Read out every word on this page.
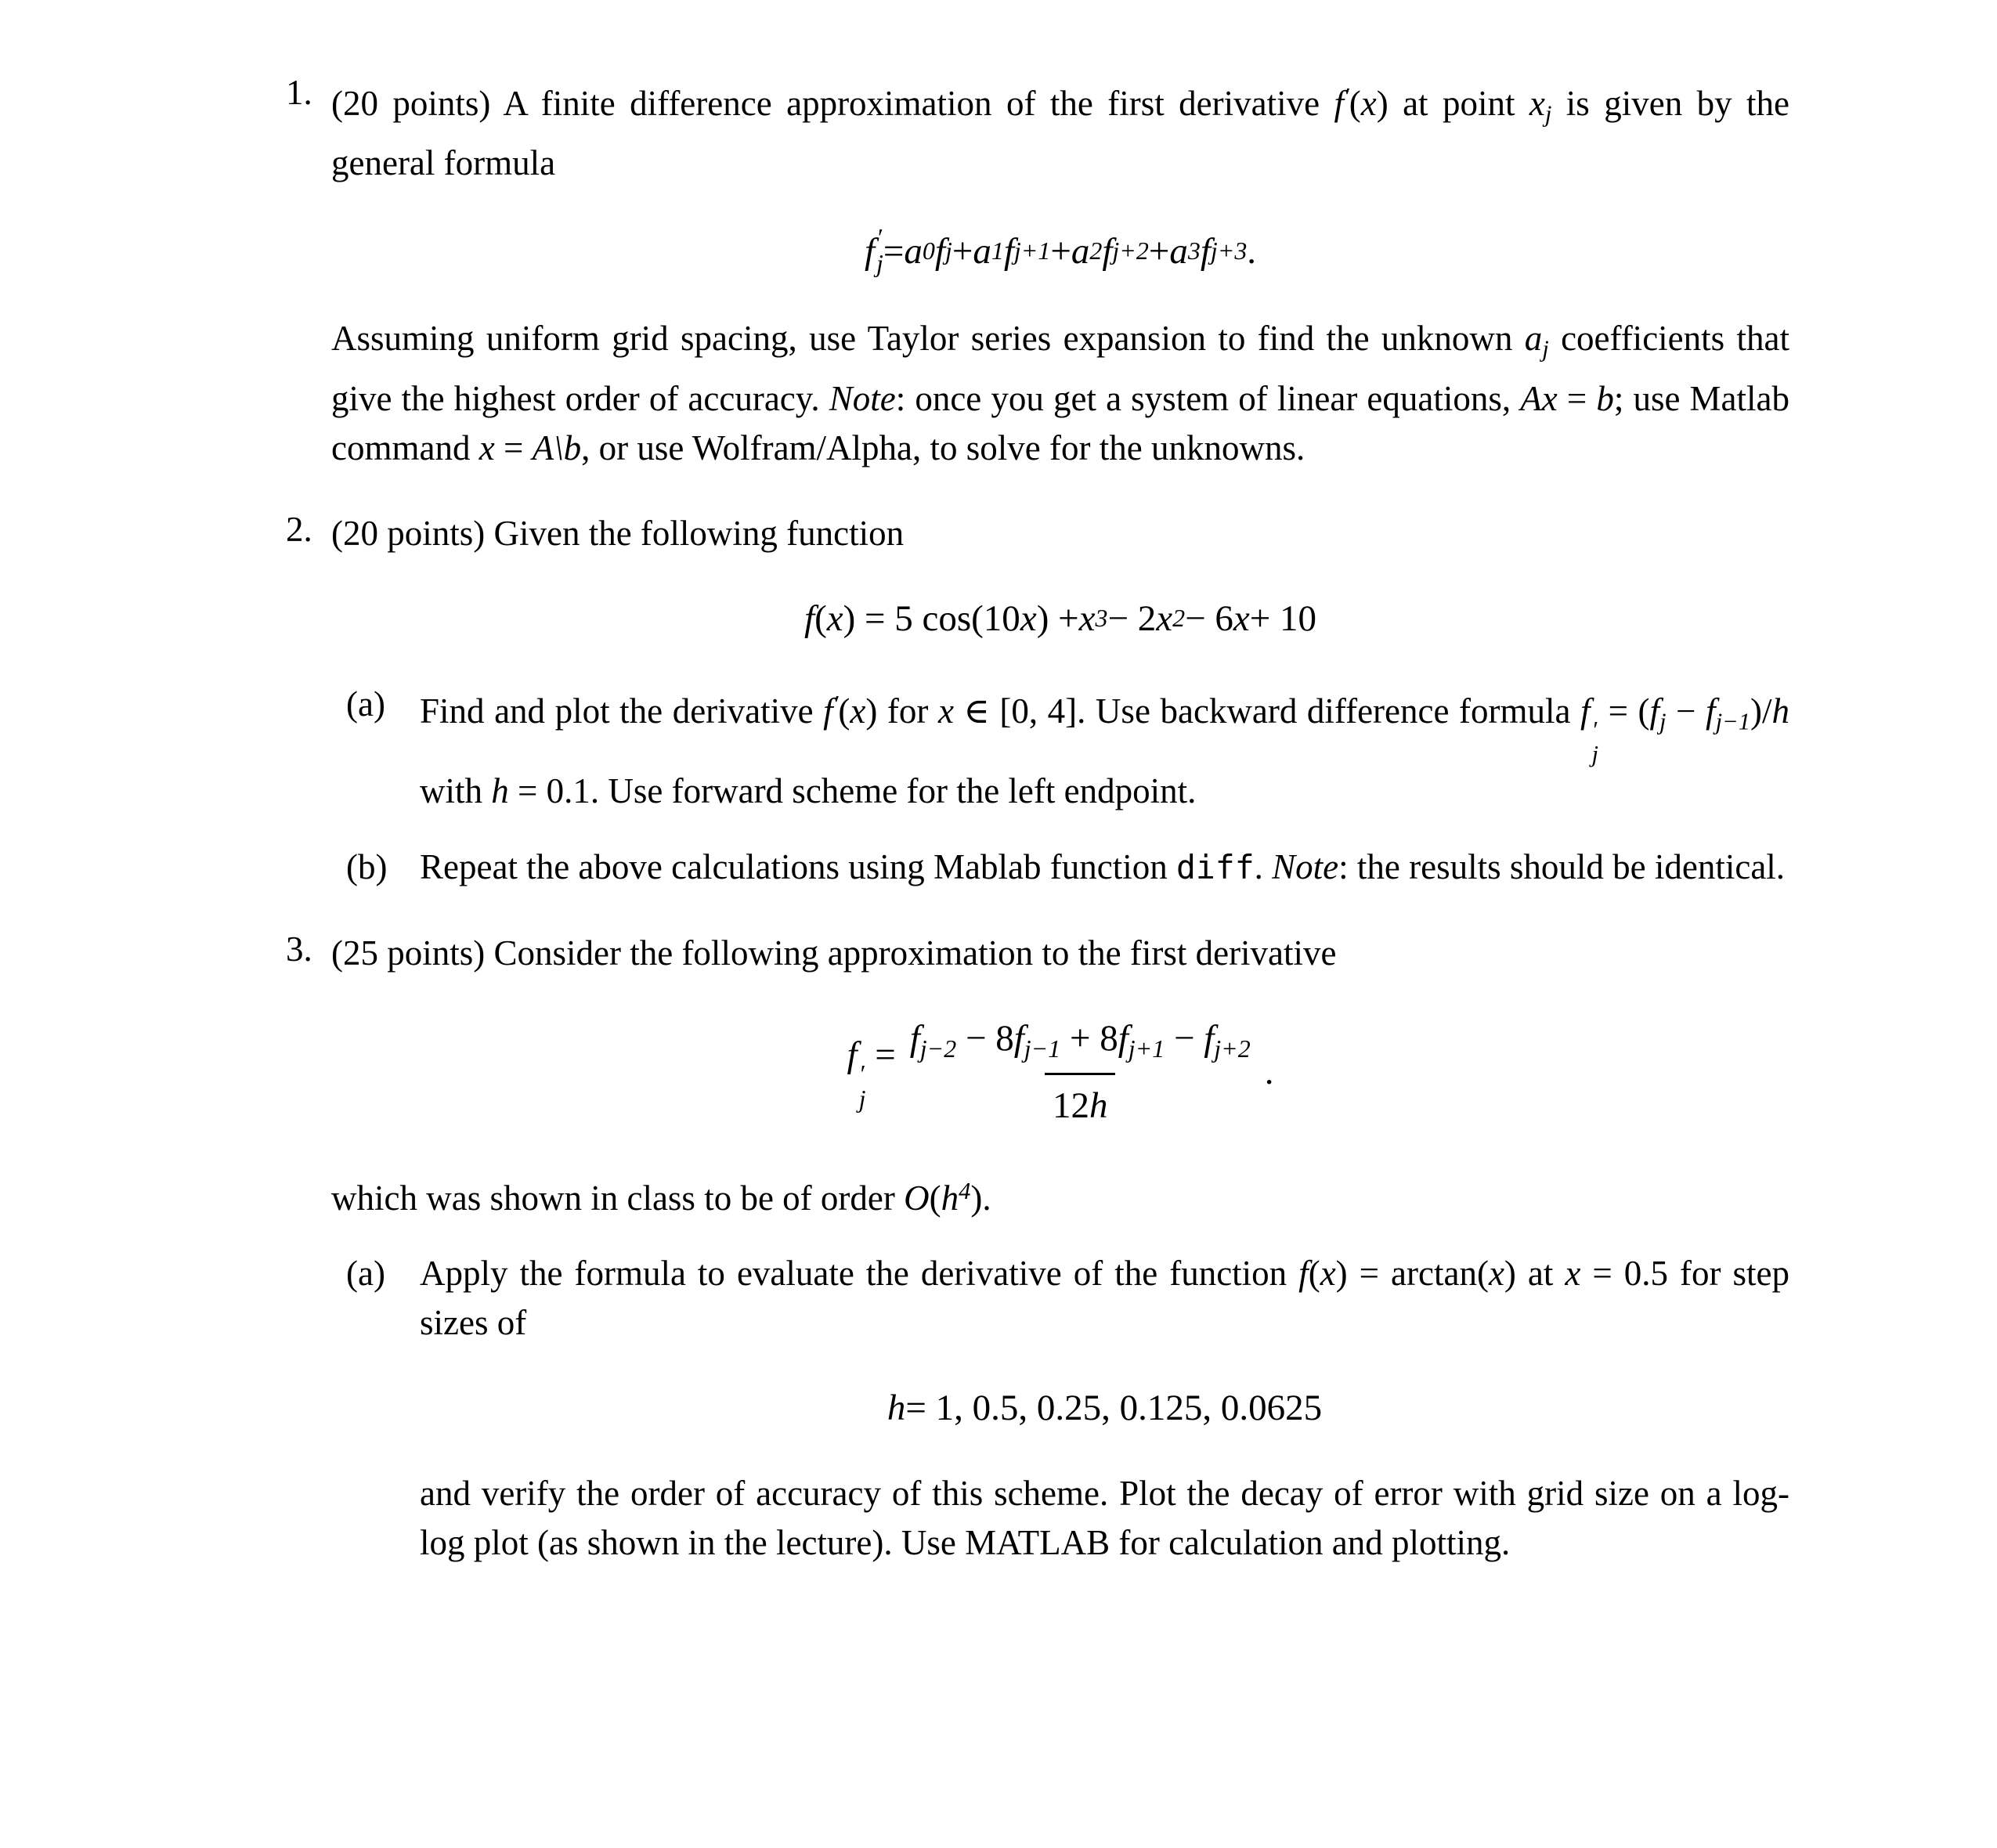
1. (20 points) A finite difference approximation of the first derivative f′(x) at point xj is given by the general formula

f ′
j = a 0 f j + a 1 f j+1 + a 2 f j+2 + a 3 f j+3 .

Assuming uniform grid spacing, use Taylor series expansion to find the unknown aj coefficients that give the highest order of accuracy. Note: once you get a system of linear equations, Ax = b; use Matlab command x = A\b, or use Wolfram/Alpha, to solve for the unknowns.

2. (20 points) Given the following function

f ( x ) = 5 cos(10 x ) + x 3 − 2 x 2 − 6 x + 10
(a) Find and plot the derivative f′(x) for x ∈ [0, 4]. Use backward difference formula f ′
j
= (fj − fj−1)/h with h = 0.1. Use forward scheme for the left endpoint.
(b) Repeat the above calculations using Mablab function diff. Note: the results should be identical.
3. (25 points) Consider the following approximation to the first derivative

f ′
j
= $\frac{fj-2 - 8fj-1 + 8fj+1 - fj+2}{12h}$ .

which was shown in class to be of order $O(h^4)$.

(a) Apply the formula to evaluate the derivative of the function f(x) = arctan(x) at x = 0.5 for step sizes of

h = 1, 0.5, 0.25, 0.125, 0.0625

and verify the order of accuracy of this scheme. Plot the decay of error with grid size on a log-log plot (as shown in the lecture). Use MATLAB for calculation and plotting.
